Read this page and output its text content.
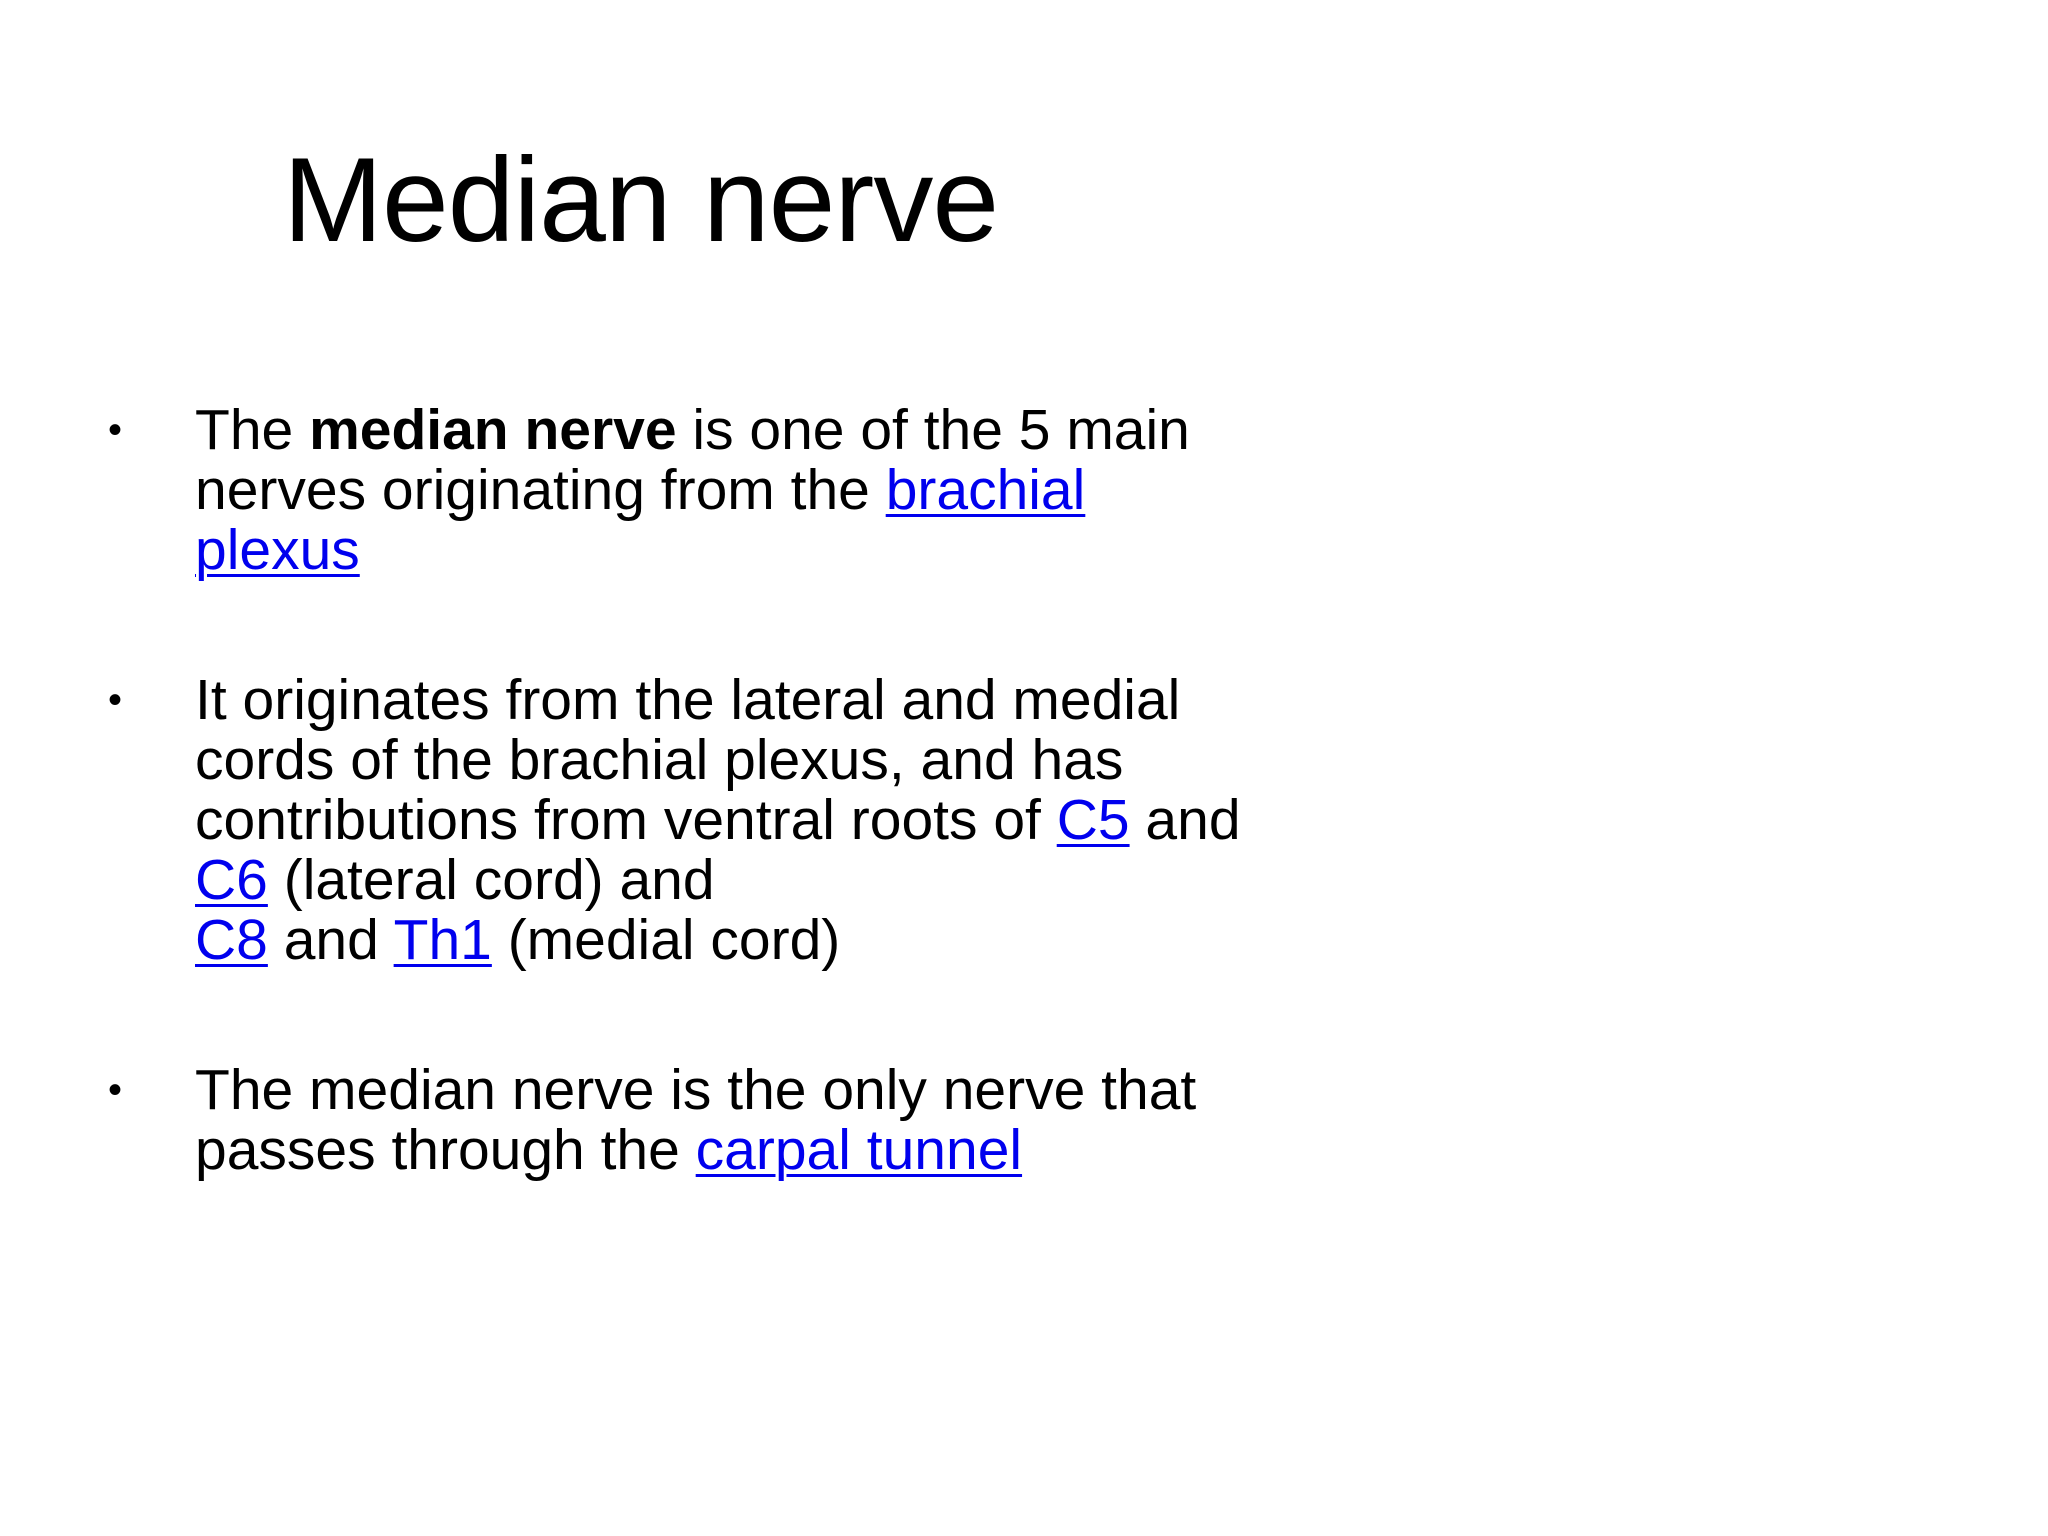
Median nerve
• The median nerve is one of the 5 main nerves originating from the brachial plexus
• It originates from the lateral and medial cords of the brachial plexus, and has contributions from ventral roots of C5 and C6 (lateral cord) and
C8 and Th1 (medial cord)
• The median nerve is the only nerve that passes through the carpal tunnel
